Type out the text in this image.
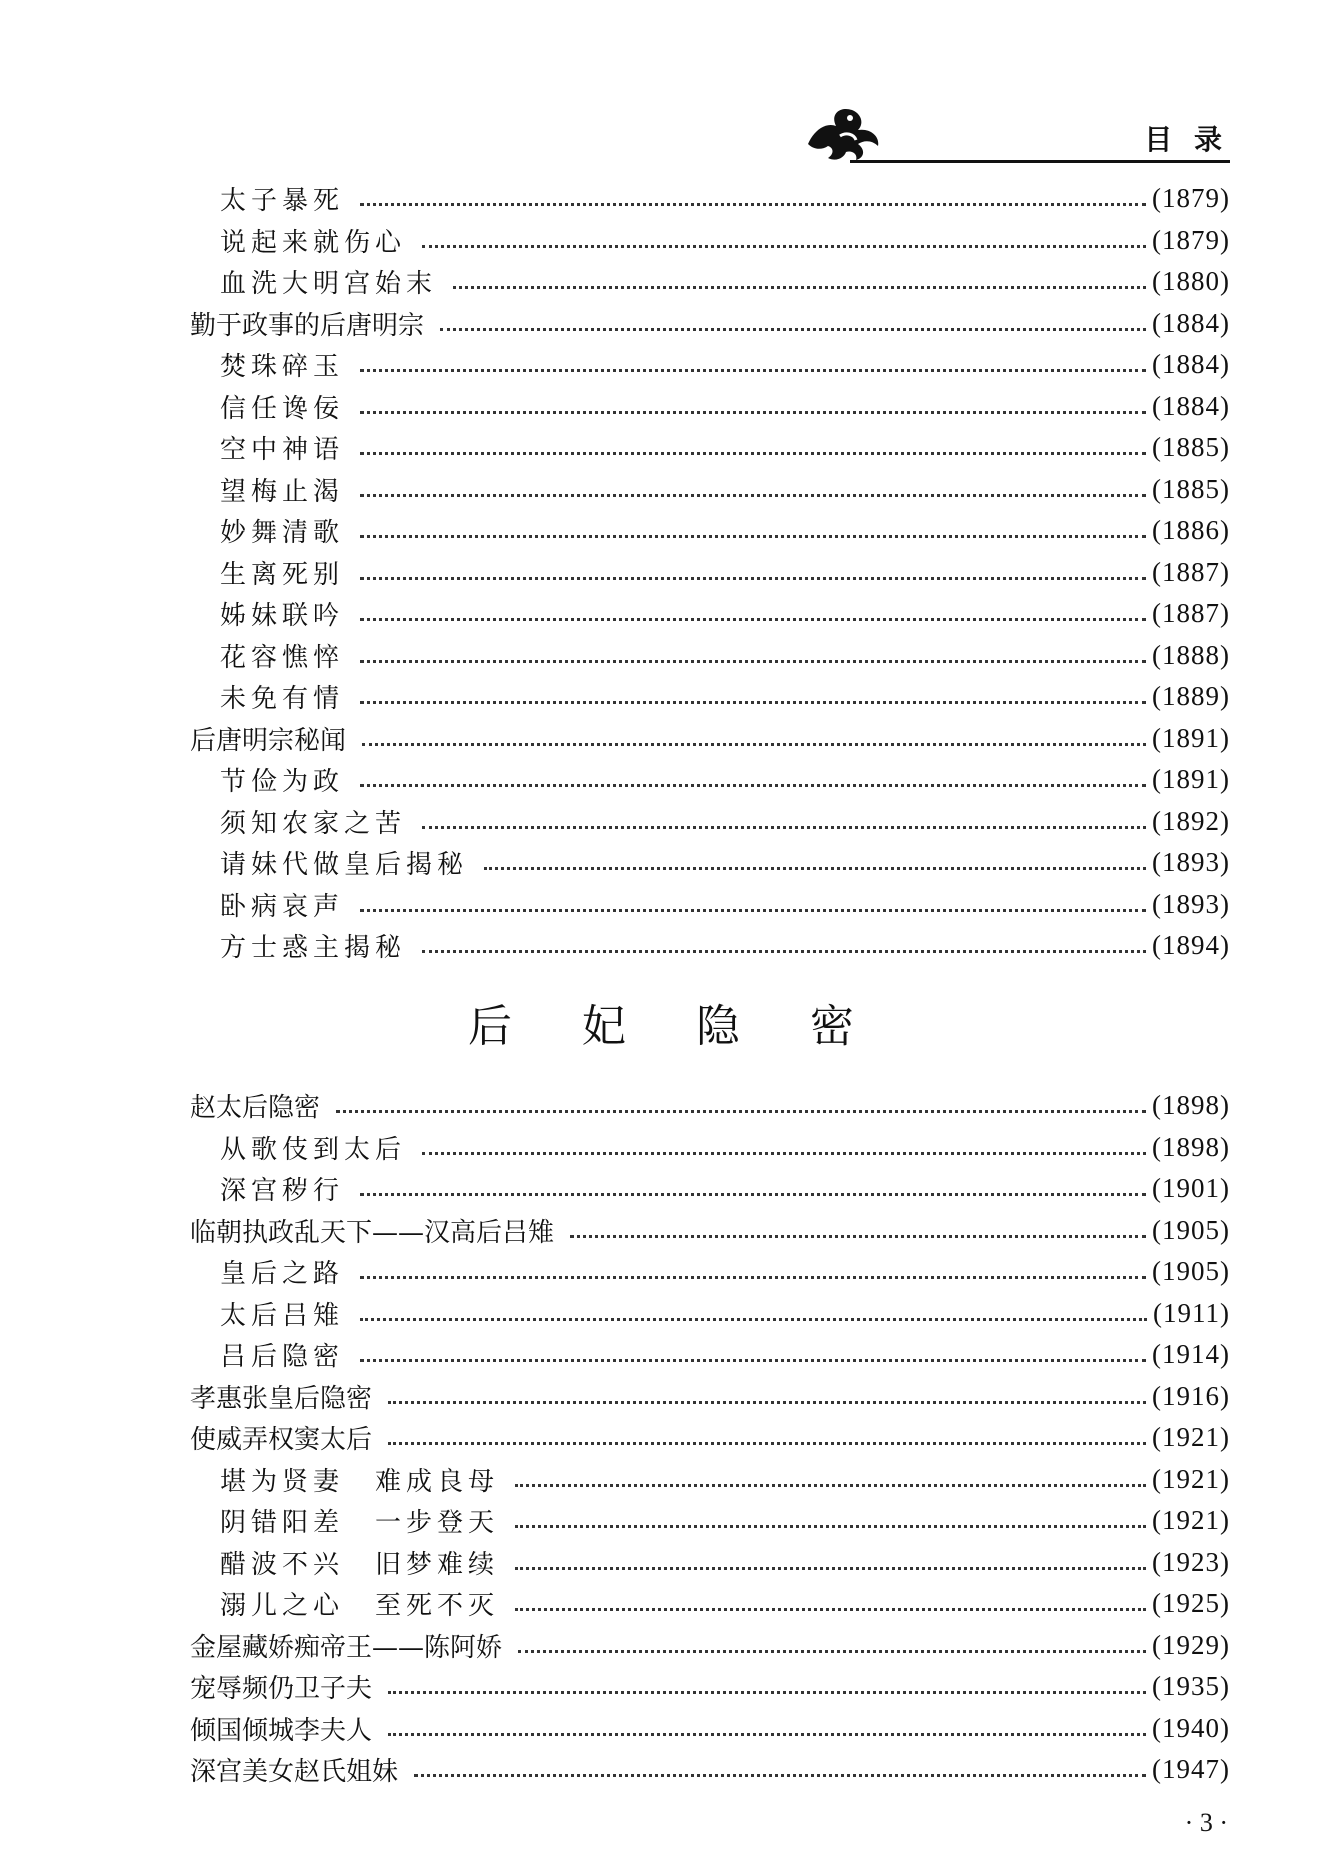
目 录
太子暴死	(1879)
说起来就伤心	(1879)
血洗大明宫始末	(1880)
勤于政事的后唐明宗	(1884)
焚珠碎玉	(1884)
信任谗佞	(1884)
空中神语	(1885)
望梅止渴	(1885)
妙舞清歌	(1886)
生离死别	(1887)
姊妹联吟	(1887)
花容憔悴	(1888)
未免有情	(1889)
后唐明宗秘闻	(1891)
节俭为政	(1891)
须知农家之苦	(1892)
请妹代做皇后揭秘	(1893)
卧病哀声	(1893)
方士惑主揭秘	(1894)
后妃隐密
赵太后隐密	(1898)
从歌伎到太后	(1898)
深宫秽行	(1901)
临朝执政乱天下——汉高后吕雉	(1905)
皇后之路	(1905)
太后吕雉	(1911)
吕后隐密	(1914)
孝惠张皇后隐密	(1916)
使威弄权窦太后	(1921)
堪为贤妻　难成良母	(1921)
阴错阳差　一步登天	(1921)
醋波不兴　旧梦难续	(1923)
溺儿之心　至死不灭	(1925)
金屋藏娇痴帝王——陈阿娇	(1929)
宠辱频仍卫子夫	(1935)
倾国倾城李夫人	(1940)
深宫美女赵氏姐妹	(1947)
· 3 ·
